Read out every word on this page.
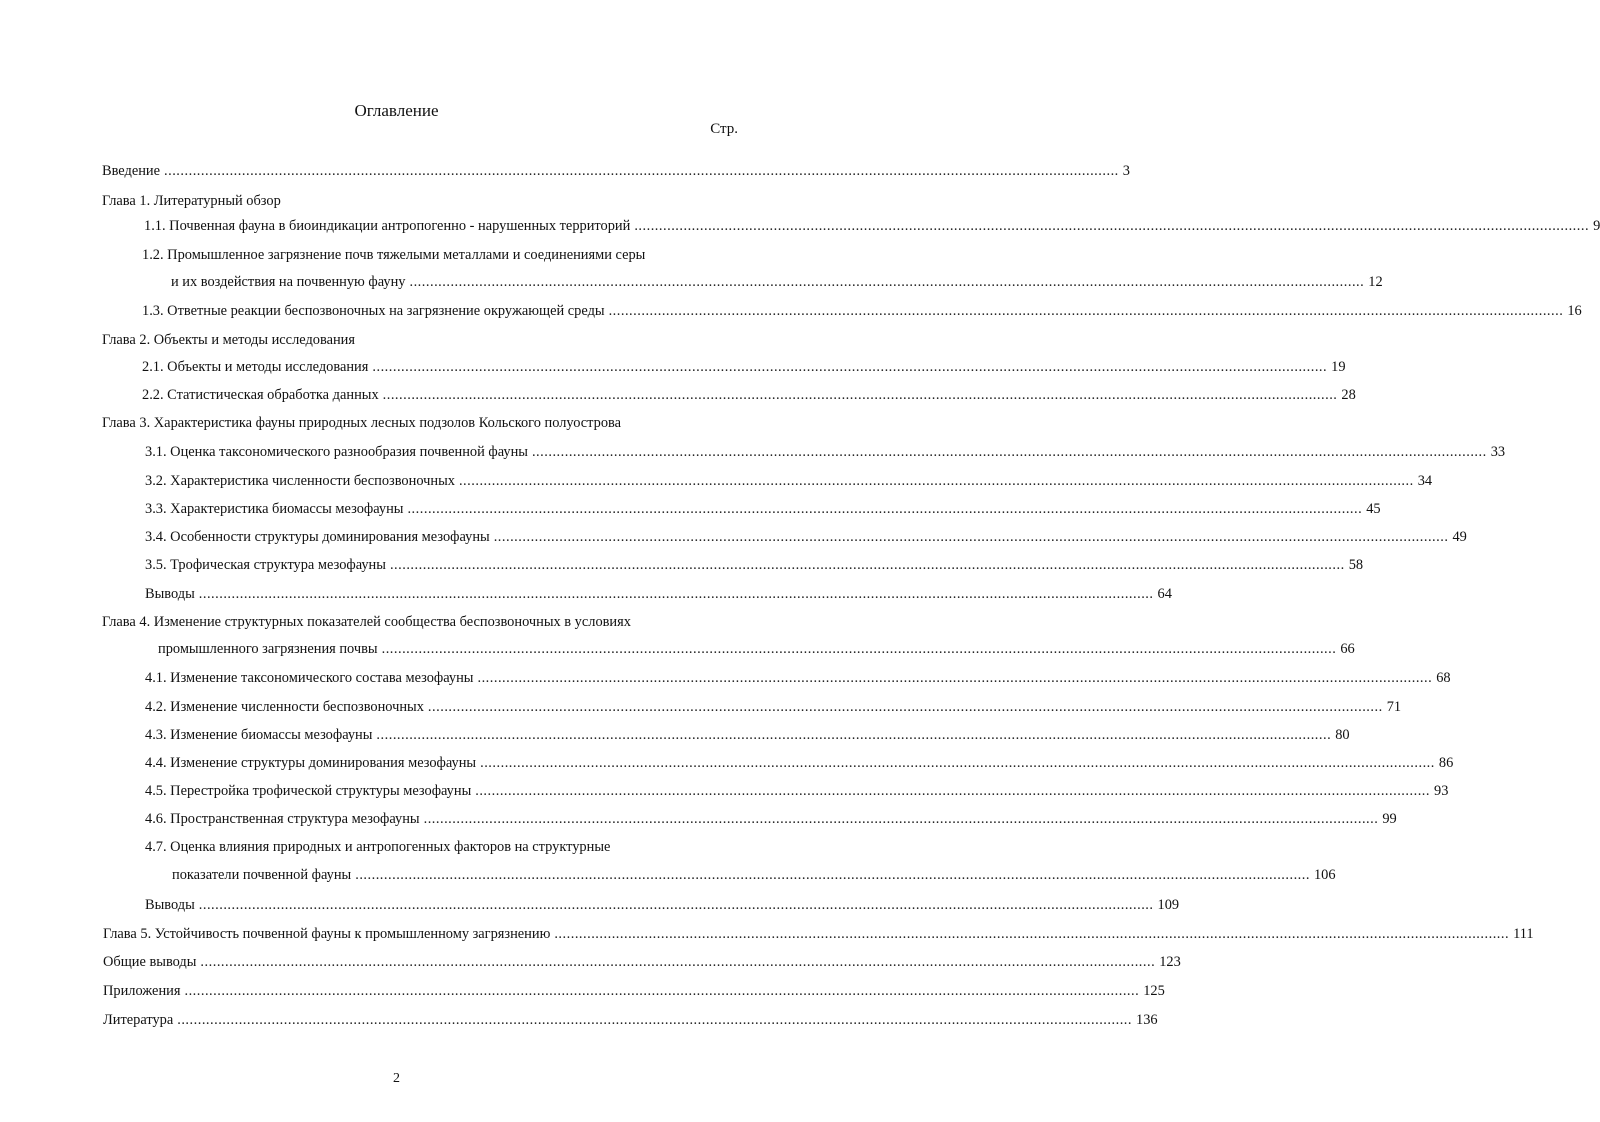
Оглавление
Стр.
Введение ......................................................................................................................................................................................................................................... 3
Глава 1. Литературный обзор
1.1. Почвенная фауна в биоиндикации антропогенно - нарушенных территорий ......................................................................................................................................................................................................................................... 9
1.2. Промышленное загрязнение почв тяжелыми металлами и соединениями серы
и их воздействия на почвенную фауну ......................................................................................................................................................................................................................................... 12
1.3. Ответные реакции беспозвоночных на загрязнение окружающей среды ......................................................................................................................................................................................................................................... 16
Глава 2. Объекты и методы исследования
2.1. Объекты и методы исследования ......................................................................................................................................................................................................................................... 19
2.2. Статистическая обработка данных ......................................................................................................................................................................................................................................... 28
Глава 3. Характеристика фауны природных лесных подзолов Кольского полуострова
3.1. Оценка таксономического разнообразия почвенной фауны ......................................................................................................................................................................................................................................... 33
3.2. Характеристика численности беспозвоночных ......................................................................................................................................................................................................................................... 34
3.3. Характеристика биомассы мезофауны ......................................................................................................................................................................................................................................... 45
3.4. Особенности структуры доминирования мезофауны ......................................................................................................................................................................................................................................... 49
3.5. Трофическая структура мезофауны ......................................................................................................................................................................................................................................... 58
Выводы ......................................................................................................................................................................................................................................... 64
Глава 4. Изменение структурных показателей сообщества беспозвоночных в условиях
промышленного загрязнения почвы ......................................................................................................................................................................................................................................... 66
4.1. Изменение таксономического состава мезофауны ......................................................................................................................................................................................................................................... 68
4.2. Изменение численности беспозвоночных ......................................................................................................................................................................................................................................... 71
4.3. Изменение биомассы мезофауны ......................................................................................................................................................................................................................................... 80
4.4. Изменение структуры доминирования мезофауны ......................................................................................................................................................................................................................................... 86
4.5. Перестройка трофической структуры мезофауны ......................................................................................................................................................................................................................................... 93
4.6. Пространственная структура мезофауны ......................................................................................................................................................................................................................................... 99
4.7. Оценка влияния природных и антропогенных факторов на структурные
показатели почвенной фауны ......................................................................................................................................................................................................................................... 106
Выводы ......................................................................................................................................................................................................................................... 109
Глава 5. Устойчивость почвенной фауны к промышленному загрязнению ......................................................................................................................................................................................................................................... 111
Общие выводы ......................................................................................................................................................................................................................................... 123
Приложения ......................................................................................................................................................................................................................................... 125
Литература ......................................................................................................................................................................................................................................... 136
2
